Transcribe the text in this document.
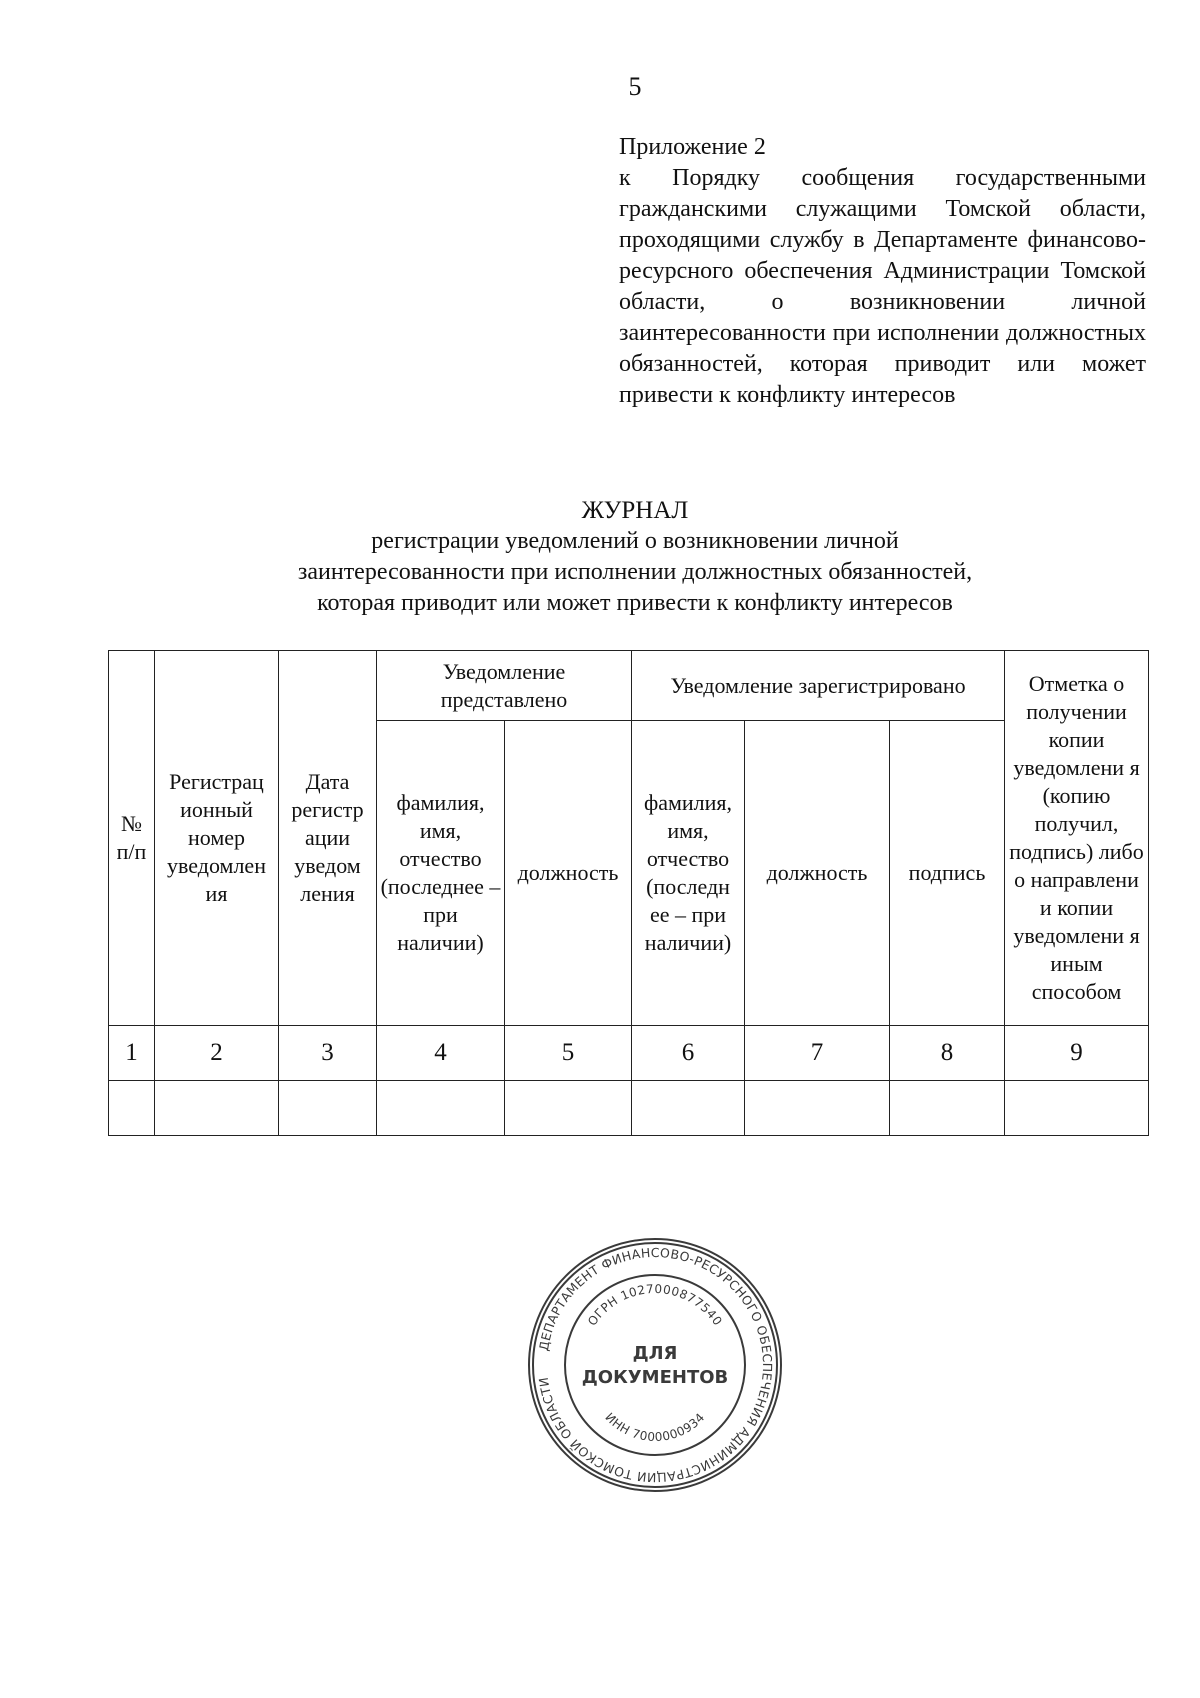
5
Приложение 2
к Порядку сообщения государственными гражданскими служащими Томской области, проходящими службу в Департаменте финансово-ресурсного обеспечения Администрации Томской области, о возникновении личной заинтересованности при исполнении должностных обязанностей, которая приводит или может привести к конфликту интересов
ЖУРНАЛ
регистрации уведомлений о возникновении личной
заинтересованности при исполнении должностных обязанностей,
которая приводит или может привести к конфликту интересов
№ п/п	Регистрац ионный номер уведомлен ия	Дата регистр ации уведом ления	Уведомление представлено		Уведомление зарегистрировано			Отметка о получении копии уведомлени я (копию получил, подпись) либо о направлени и копии уведомлени я иным способом
			фамилия, имя, отчество (последнее – при наличии)	должность	фамилия, имя, отчество (последн ее – при наличии)	должность	подпись	
1	2	3	4	5	6	7	8	9

ДЕПАРТАМЕНТ ФИНАНСОВО-РЕСУРСНОГО ОБЕСПЕЧЕНИЯ АДМИНИСТРАЦИИ ТОМСКОЙ ОБЛАСТИ
ОГРН 1027000877540
ИНН 7000000934
ДЛЯ
ДОКУМЕНТОВ
